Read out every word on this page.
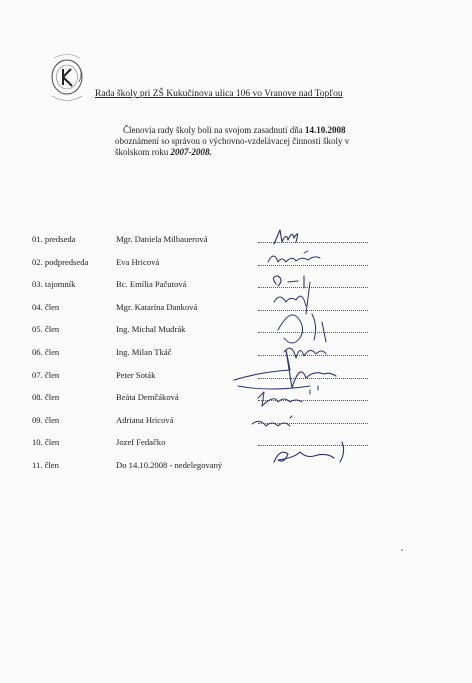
Rada školy pri ZŠ Kukučínova ulica 106 vo Vranove nad Topľou
Členovia rady školy boli na svojom zasadnutí dňa 14.10.2008
oboznámení so správou o výchovno-vzdelávacej činnosti školy v
školskom roku 2007-2008.
01. predseda	Mgr. Daniela Milbauerová
02. podpredseda	Eva Hricová
03. tajomník	Bc. Emília Pačutová
04. člen	Mgr. Katarína Danková
05. člen	Ing. Michal Mudrák
06. člen	Ing. Milan Tkáč
07. člen	Peter Soták
08. člen	Beáta Demčáková
09. člen	Adriana Hricová
10. člen	Jozef Fedačko
11. člen	Do 14.10.2008 - nedelegovaný
